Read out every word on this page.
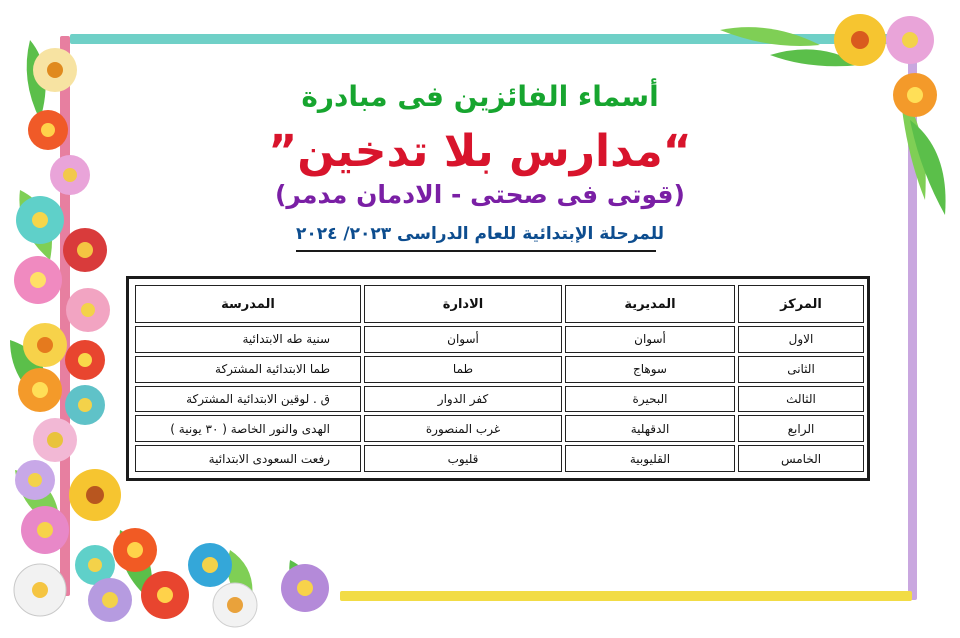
أسماء الفائزين فى مبادرة
“مدارس بلا تدخين”
(قوتى فى صحتى - الادمان مدمر)
للمرحلة الإبتدائية للعام الدراسى ٢٠٢٣/ ٢٠٢٤
المركز	المديرية	الادارة	المدرسة
الاول	أسوان	أسوان	سنية طه الابتدائية
الثانى	سوهاج	طما	طما الابتدائية المشتركة
الثالث	البحيرة	كفر الدوار	ق . لوقين الابتدائية المشتركة
الرابع	الدقهلية	غرب المنصورة	الهدى والنور الخاصة ( ٣٠ يونية )
الخامس	القليوبية	قليوب	رفعت السعودى الابتدائية
